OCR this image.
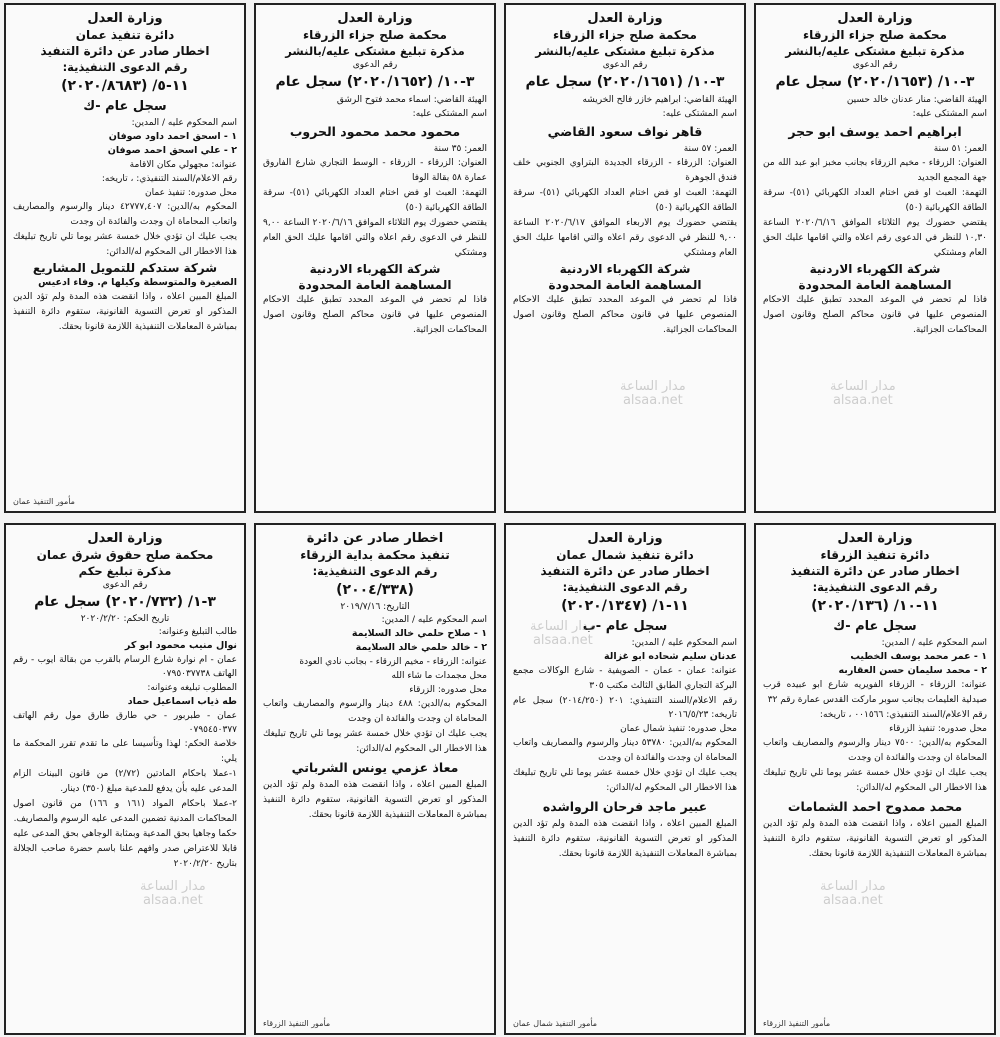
وزارة العدل
محكمة صلح جزاء الزرقاء
مذكرة تبليغ مشتكى عليه/بالنشر
رقم الدعوى
٣-١٠/ (٢٠٢٠/١٦٥٣) سجل عام
الهيئة القاضي: منار عدنان خالد حسين
اسم المشتكى عليه:
ابراهيم احمد يوسف ابو حجر
العمر: ٥١ سنة
العنوان: الزرقاء - مخيم الزرقاء بجانب مخبز ابو عبد الله من جهة المجمع الجديد
التهمة: العبث او فض اختام العداد الكهربائي (٥١)- سرقة الطاقة الكهربائية (٥٠)
يقتضي حضورك يوم الثلاثاء الموافق ٢٠٢٠/٦/١٦ الساعة ١٠,٣٠ للنظر في الدعوى رقم اعلاه والتي اقامها عليك الحق العام ومشتكي
شركة الكهرباء الاردنية
المساهمة العامة المحدودة
فاذا لم تحضر في الموعد المحدد تطبق عليك الاحكام المنصوص عليها في قانون محاكم الصلح وقانون اصول المحاكمات الجزائية.
وزارة العدل
محكمة صلح جزاء الزرقاء
مذكرة تبليغ مشتكى عليه/بالنشر
رقم الدعوى
٣-١٠/ (٢٠٢٠/١٦٥١) سجل عام
الهيئة القاضي: ابراهيم خازر فالح الخريشه
اسم المشتكى عليه:
قاهر نواف سعود القاضي
العمر: ٥٧ سنة
العنوان: الزرقاء - الزرقاء الجديدة البتراوي الجنوبي خلف فندق الجوهرة
التهمة: العبث او فض اختام العداد الكهربائي (٥١)- سرقة الطاقة الكهربائية (٥٠)
يقتضي حضورك يوم الاربعاء الموافق ٢٠٢٠/٦/١٧ الساعة ٩,٠٠ للنظر في الدعوى رقم اعلاه والتي اقامها عليك الحق العام ومشتكي
شركة الكهرباء الاردنية
المساهمة العامة المحدودة
فاذا لم تحضر في الموعد المحدد تطبق عليك الاحكام المنصوص عليها في قانون محاكم الصلح وقانون اصول المحاكمات الجزائية.
وزارة العدل
محكمة صلح جزاء الزرقاء
مذكرة تبليغ مشتكى عليه/بالنشر
رقم الدعوى
٣-١٠/ (٢٠٢٠/١٦٥٢) سجل عام
الهيئة القاضي: اسماء محمد فتوح الرشق
اسم المشتكى عليه:
محمود محمد محمود الحروب
العمر: ٣٥ سنة
العنوان: الزرقاء - الزرقاء - الوسط التجاري شارع الفاروق عمارة ٥٨ بقالة الوفا
التهمة: العبث او فض اختام العداد الكهربائي (٥١)- سرقة الطاقة الكهربائية (٥٠)
يقتضي حضورك يوم الثلاثاء الموافق ٢٠٢٠/٦/١٦ الساعة ٩,٠٠ للنظر في الدعوى رقم اعلاه والتي اقامها عليك الحق العام ومشتكي
شركة الكهرباء الاردنية
المساهمة العامة المحدودة
فاذا لم تحضر في الموعد المحدد تطبق عليك الاحكام المنصوص عليها في قانون محاكم الصلح وقانون اصول المحاكمات الجزائية.
وزارة العدل
دائرة تنفيذ عمان
اخطار صادر عن دائرة التنفيذ
رقم الدعوى التنفيذية:
١١-٥/ (٢٠٢٠/٨٦٨٣)
سجل عام -ك
اسم المحكوم عليه / المدين:
١ - اسحق احمد داود صوفان
٢ - علي اسحق احمد صوفان
عنوانه: مجهولي مكان الاقامة
رقم الاعلام/السند التنفيذي: ، تاريخه:
محل صدوره: تنفيذ عمان
المحكوم به/الدين: ٤٢٧٧٧,٤٠٧ دينار والرسوم والمصاريف واتعاب المحاماة ان وجدت والفائدة ان وجدت
يجب عليك ان تؤدي خلال خمسة عشر يوما تلي تاريخ تبليغك هذا الاخطار الى المحكوم له/الدائن:
شركة ستدكم للتمويل المشاريع
الصغيرة والمتوسطة وكيلها م. وفاء ادعيس
المبلغ المبين اعلاه ، واذا انقضت هذه المدة ولم تؤد الدين المذكور او تعرض التسوية القانونية، ستقوم دائرة التنفيذ بمباشرة المعاملات التنفيذية اللازمة قانونا بحقك.
مأمور التنفيذ عمان
وزارة العدل
دائرة تنفيذ الزرقاء
اخطار صادر عن دائرة التنفيذ
رقم الدعوى التنفيذية:
١١-١٠/ (٢٠٢٠/١٣٦)
سجل عام -ك
اسم المحكوم عليه / المدين:
١ - عمر محمد يوسف الخطيب
٢ - محمد سليمان حسن العقاربه
عنوانه: الزرقاء - الزرقاء الفويريه شارع ابو عبيده قرب صيدلية العليمات بجانب سوبر ماركت القدس عمارة رقم ٣٢
رقم الاعلام/السند التنفيذي: ٠٠١٥٦٦ ، تاريخه:
محل صدوره: تنفيذ الزرقاء
المحكوم به/الدين: ٧٥٠٠ دينار والرسوم والمصاريف واتعاب المحاماة ان وجدت والفائدة ان وجدت
يجب عليك ان تؤدي خلال خمسة عشر يوما تلي تاريخ تبليغك هذا الاخطار الى المحكوم له/الدائن:
محمد ممدوح احمد الشمامات
المبلغ المبين اعلاه ، واذا انقضت هذه المدة ولم تؤد الدين المذكور او تعرض التسوية القانونية، ستقوم دائرة التنفيذ بمباشرة المعاملات التنفيذية اللازمة قانونا بحقك.
مأمور التنفيذ الزرقاء
وزارة العدل
دائرة تنفيذ شمال عمان
اخطار صادر عن دائرة التنفيذ
رقم الدعوى التنفيذية:
١١-١/ (٢٠٢٠/١٣٤٧)
سجل عام -ب
اسم المحكوم عليه / المدين:
عدنان سليم شحاده ابو غزالة
عنوانه: عمان - عمان - الصويفية - شارع الوكالات مجمع البركة التجاري الطابق الثالث مكتب ٣٠٥
رقم الاعلام/السند التنفيذي: ٢٠١ (٢٠١٤/٢٥٠) سجل عام تاريخه: ٢٠١٦/٥/٢٣
محل صدوره: تنفيذ شمال عمان
المحكوم به/الدين: ٥٣٧٨٠ دينار والرسوم والمصاريف واتعاب المحاماة ان وجدت والفائدة ان وجدت
يجب عليك ان تؤدي خلال خمسة عشر يوما تلي تاريخ تبليغك هذا الاخطار الى المحكوم له/الدائن:
عبير ماجد فرحان الرواشده
المبلغ المبين اعلاه ، واذا انقضت هذه المدة ولم تؤد الدين المذكور او تعرض التسوية القانونية، ستقوم دائرة التنفيذ بمباشرة المعاملات التنفيذية اللازمة قانونا بحقك.
مأمور التنفيذ شمال عمان
اخطار صادر عن دائرة
تنفيذ محكمة بداية الزرقاء
رقم الدعوى التنفيذية:
(٢٠٠٤/٣٣٨)
التاريخ: ٢٠١٩/٧/١٦
اسم المحكوم عليه / المدين:
١ - صلاح حلمي خالد السلايمة
٢ - خالد حلمي خالد السلايمة
عنوانه: الزرقاء - مخيم الزرقاء - بجانب نادي العودة
محل مجمدات ما شاء الله
محل صدوره: الزرقاء
المحكوم به/الدين: ٤٨٨ دينار والرسوم والمصاريف واتعاب المحاماة ان وجدت والفائدة ان وجدت
يجب عليك ان تؤدي خلال خمسة عشر يوما تلي تاريخ تبليغك هذا الاخطار الى المحكوم له/الدائن:
معاذ عزمي يونس الشرباتي
المبلغ المبين اعلاه ، واذا انقضت هذه المدة ولم تؤد الدين المذكور او تعرض التسوية القانونية، ستقوم دائرة التنفيذ بمباشرة المعاملات التنفيذية اللازمة قانونا بحقك.
مأمور التنفيذ الزرقاء
وزارة العدل
محكمة صلح حقوق شرق عمان
مذكرة تبليغ حكم
رقم الدعوى
٣-١/ (٢٠٢٠/٧٣٢) سجل عام
تاريخ الحكم: ٢٠٢٠/٢/٢٠
طالب التبليغ وعنوانه:
نوال منيب محمود ابو كر
عمان - ام نوارة شارع الرسام بالقرب من بقالة ايوب - رقم الهاتف ٠٧٩٥٠٣٧٧٣٨
المطلوب تبليغه وعنوانه:
طه ذياب اسماعيل حماد
عمان - طبربور - حي طارق طارق مول رقم الهاتف ٠٧٩٥٤٥٠٣٧٧
خلاصة الحكم: لهذا وتأسيسا على ما تقدم تقرر المحكمة ما يلي:
١-عملا باحكام المادتين (٢/٧٢) من قانون البينات الزام المدعى عليه بأن يدفع للمدعية مبلغ (٣٥٠) دينار.
٢-عملا باحكام المواد (١٦١ و ١٦٦) من قانون اصول المحاكمات المدنية تضمين المدعى عليه الرسوم والمصاريف.
حكما وجاهيا بحق المدعية وبمثابة الوجاهي بحق المدعى عليه قابلا للاعتراض صدر وافهم علنا باسم حضرة صاحب الجلالة بتاريخ ٢٠٢٠/٢/٢٠
مدار الساعة
alsaa.net
مدار الساعة
alsaa.net
مدار الساعة
alsaa.net
مدار الساعة
alsaa.net
مدار الساعة
alsaa.net
